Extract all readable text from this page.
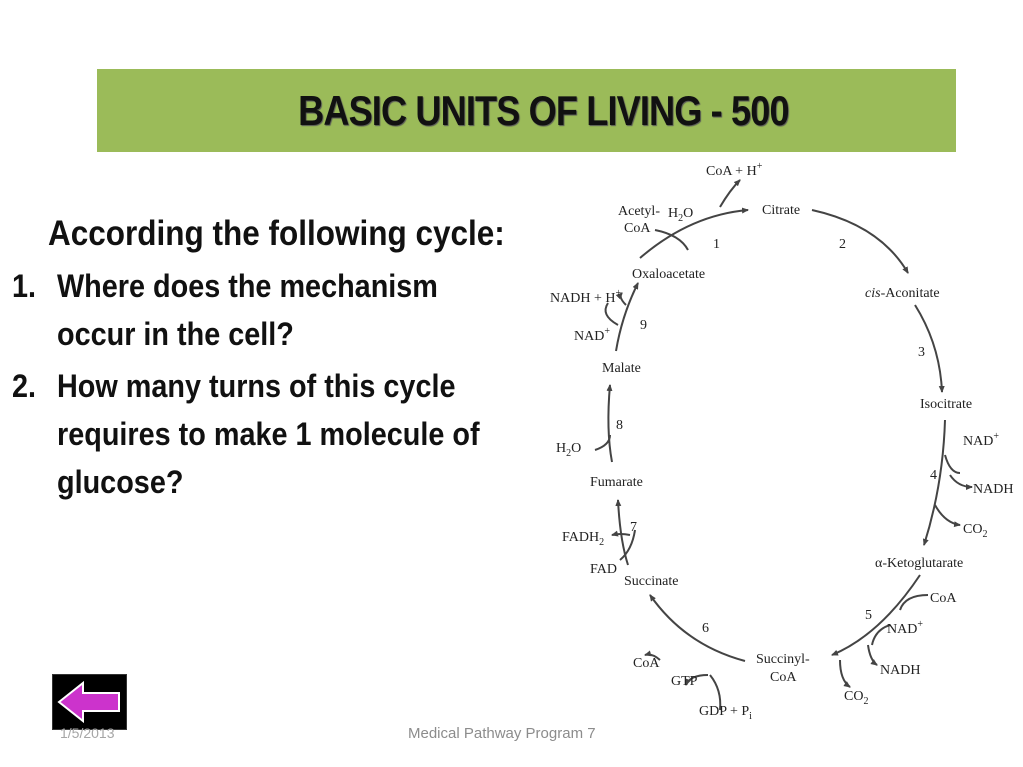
BASIC UNITS OF LIVING - 500
According the following cycle:
1. Where does the mechanism occur in the cell?
2. How many turns of this cycle requires to make 1 molecule of glucose?
Citrate
cis-Aconitate
Isocitrate
α-Ketoglutarate
Succinyl-
CoA
Succinate
Fumarate
Malate
Oxaloacetate
Acetyl-
CoA
CoA + H+
$H_2O$
NADH + H+
NAD+
$H_2O$
$FADH_2$
FAD
NAD+
NADH
$CO_2$
CoA
NAD+
NADH
$CO_2$
CoA
GTP
GDP + $P_i$
1	2
3
4
5
6
7
8
9
1/5/2013	Medical Pathway Program 7
